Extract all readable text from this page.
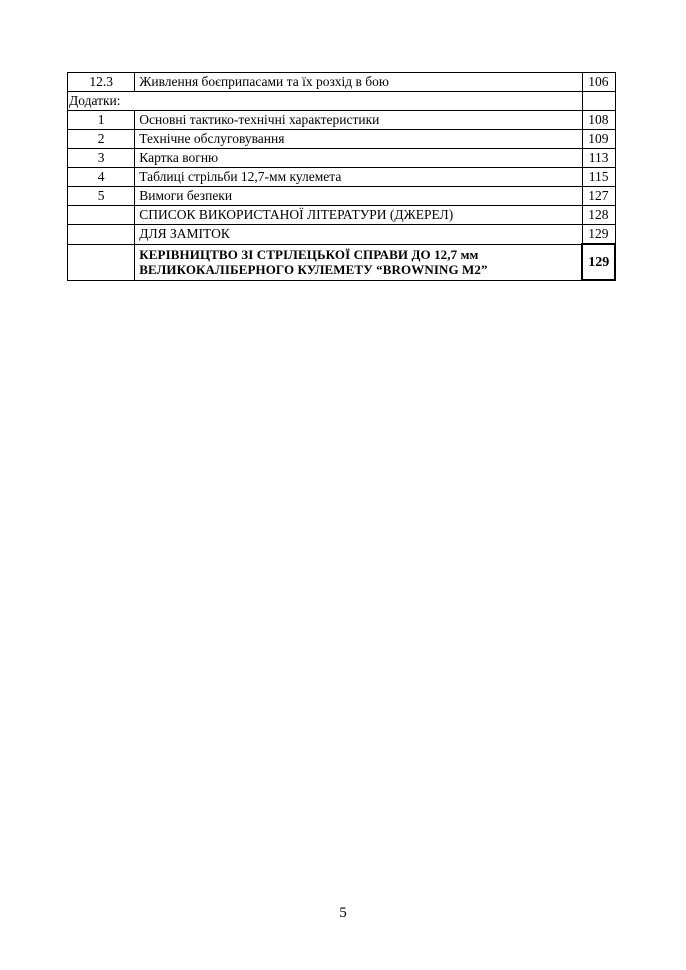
12.3	Живлення боєприпасами та їх розхід в бою	106
Додатки:		
1	Основні тактико-технічні характеристики	108
2	Технічне обслуговування	109
3	Картка вогню	113
4	Таблиці стрільби 12,7-мм кулемета	115
5	Вимоги безпеки	127
	СПИСОК ВИКОРИСТАНОЇ ЛІТЕРАТУРИ (ДЖЕРЕЛ)	128
	ДЛЯ ЗАМІТОК	129

	КЕРІВНИЦТВО ЗІ СТРІЛЕЦЬКОЇ СПРАВИ ДО 12,7 мм
ВЕЛИКОКАЛІБЕРНОГО КУЛЕМЕТУ “BROWNING M2”	129
5
